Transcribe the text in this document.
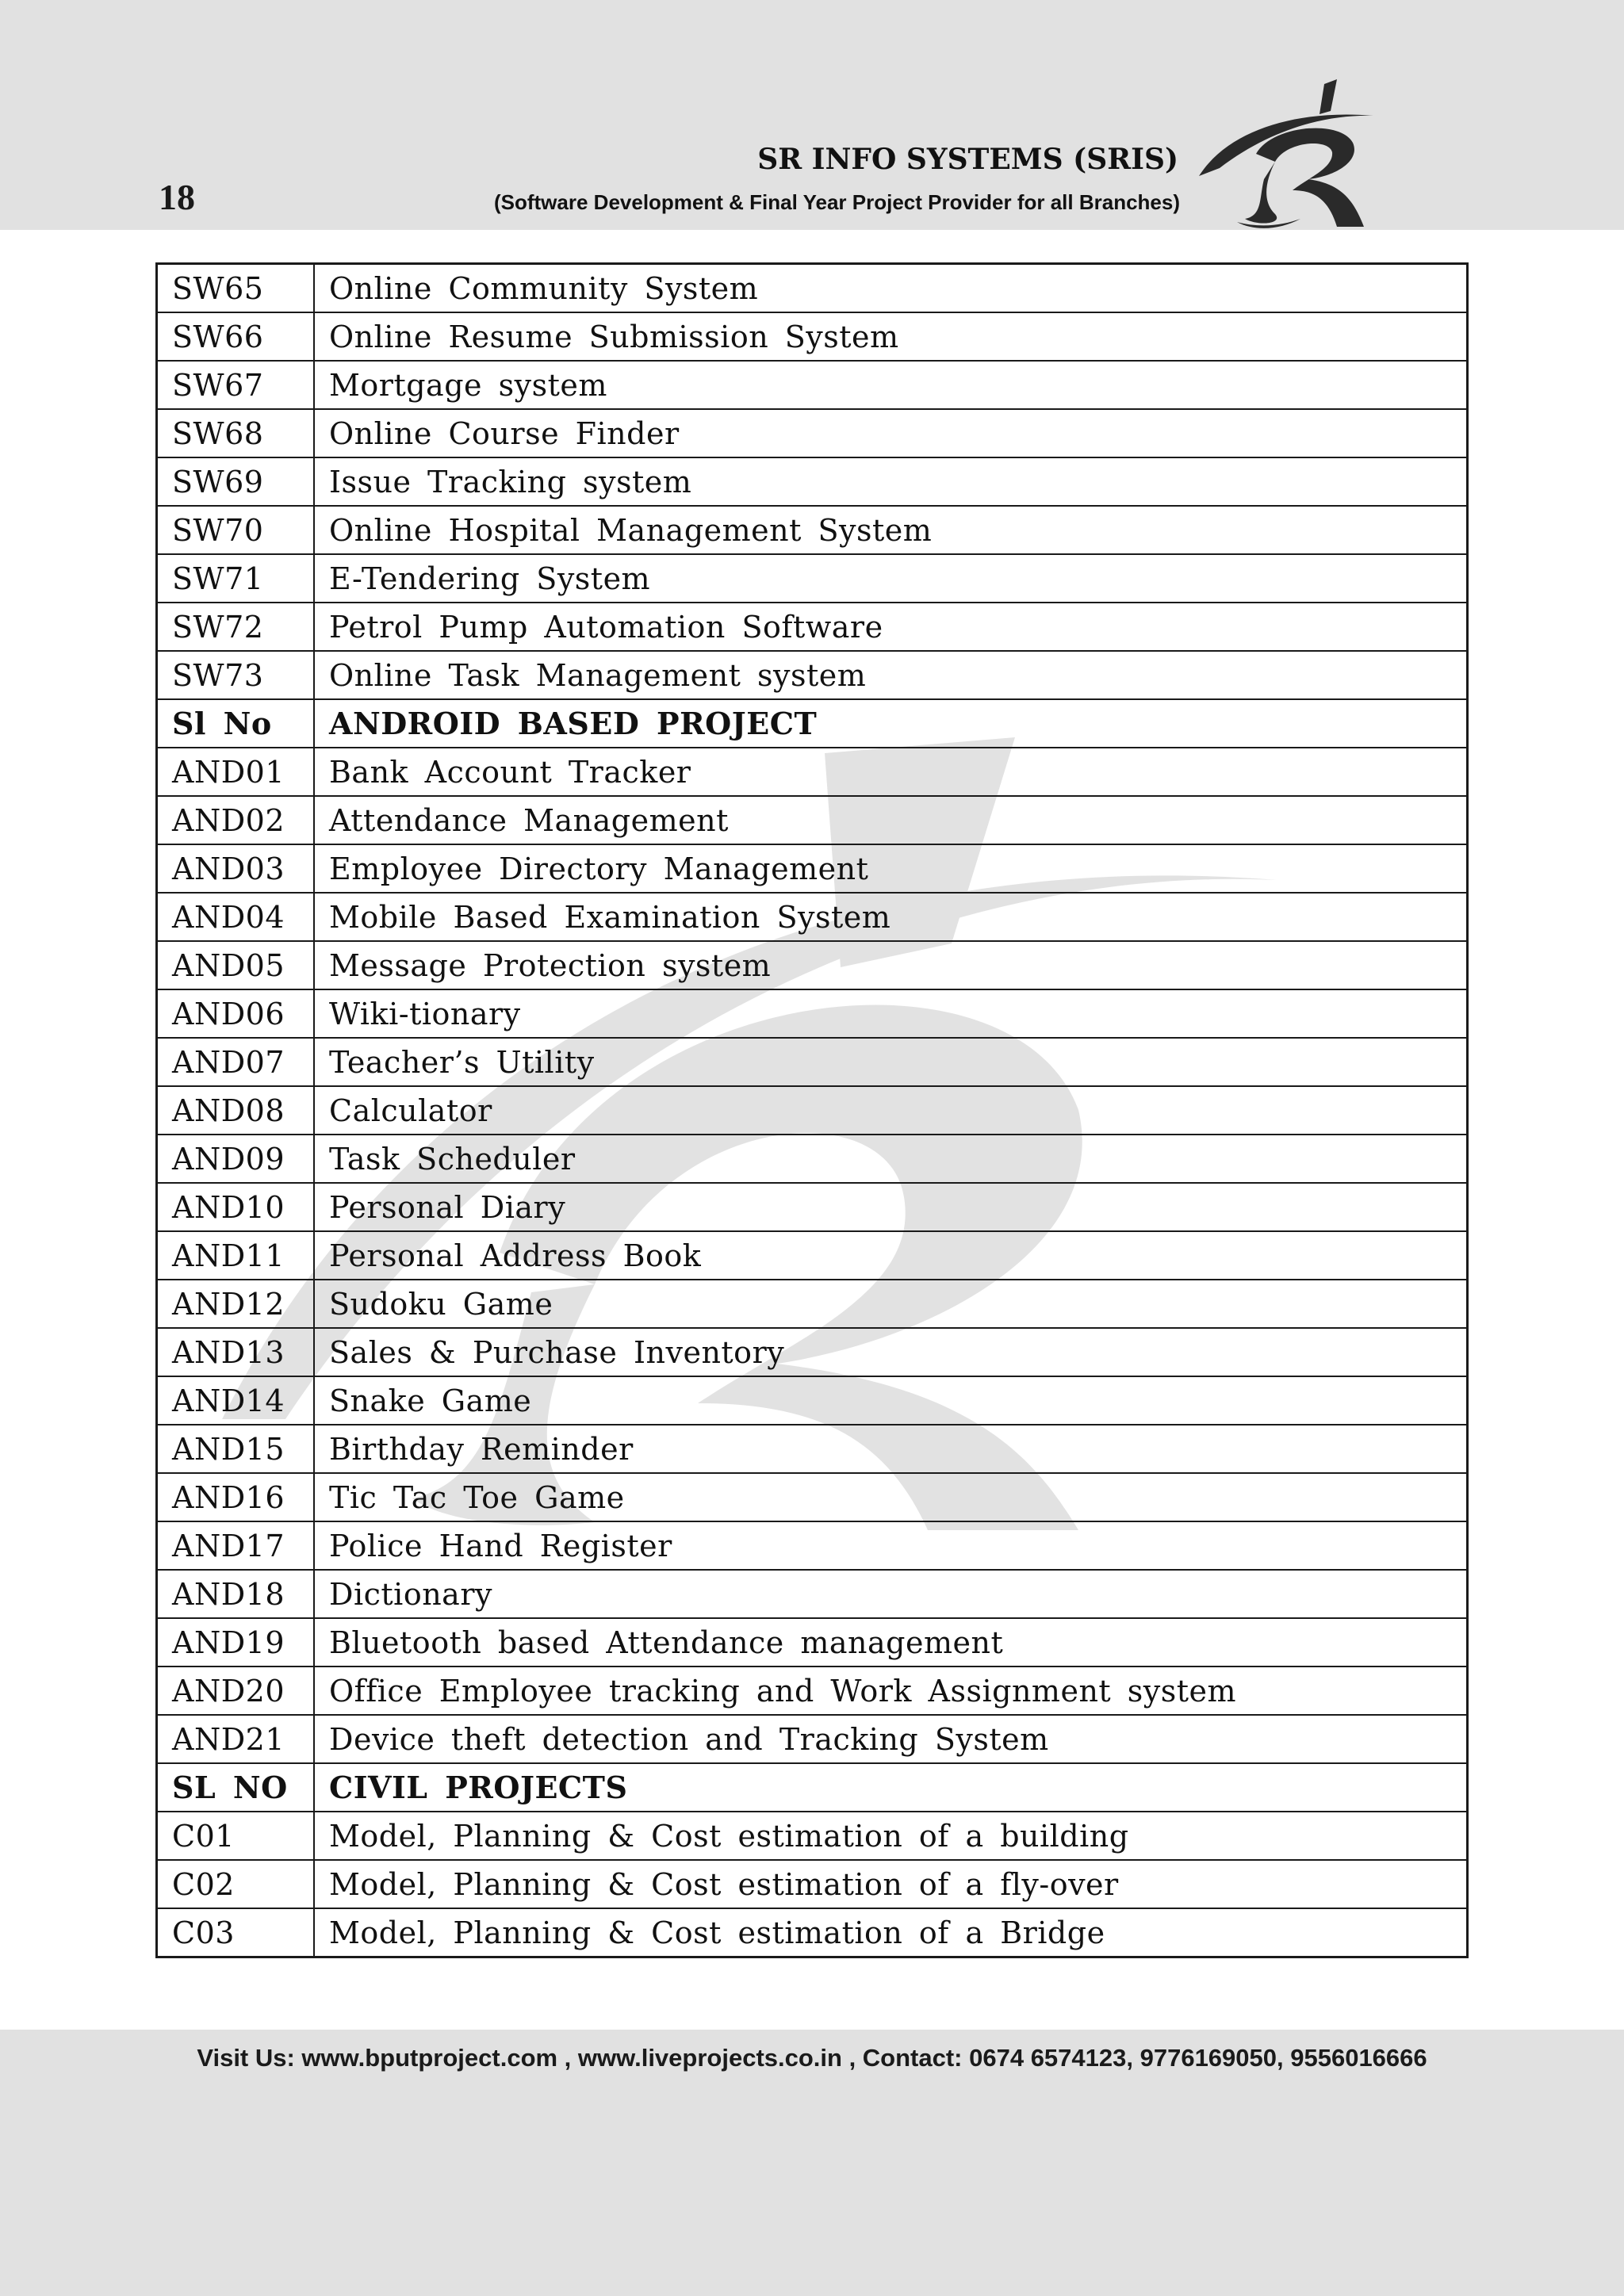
18
SR INFO SYSTEMS (SRIS)
(Software Development & Final Year Project Provider for all Branches)
SW65	Online Community System
SW66	Online Resume Submission System
SW67	Mortgage system
SW68	Online Course Finder
SW69	Issue Tracking system
SW70	Online Hospital Management System
SW71	E-Tendering System
SW72	Petrol Pump Automation Software
SW73	Online Task Management system
Sl No	ANDROID BASED PROJECT
AND01	Bank Account Tracker
AND02	Attendance Management
AND03	Employee Directory Management
AND04	Mobile Based Examination System
AND05	Message Protection system
AND06	Wiki-tionary
AND07	Teacher’s Utility
AND08	Calculator
AND09	Task Scheduler
AND10	Personal Diary
AND11	Personal Address Book
AND12	Sudoku Game
AND13	Sales & Purchase Inventory
AND14	Snake Game
AND15	Birthday Reminder
AND16	Tic Tac Toe Game
AND17	Police Hand Register
AND18	Dictionary
AND19	Bluetooth based Attendance management
AND20	Office Employee tracking and Work Assignment system
AND21	Device theft detection and Tracking System
SL NO	CIVIL PROJECTS
C01	Model, Planning & Cost estimation of a building
C02	Model, Planning & Cost estimation of a fly-over
C03	Model, Planning & Cost estimation of a Bridge
Visit Us: www.bputproject.com , www.liveprojects.co.in , Contact: 0674 6574123, 9776169050, 9556016666
